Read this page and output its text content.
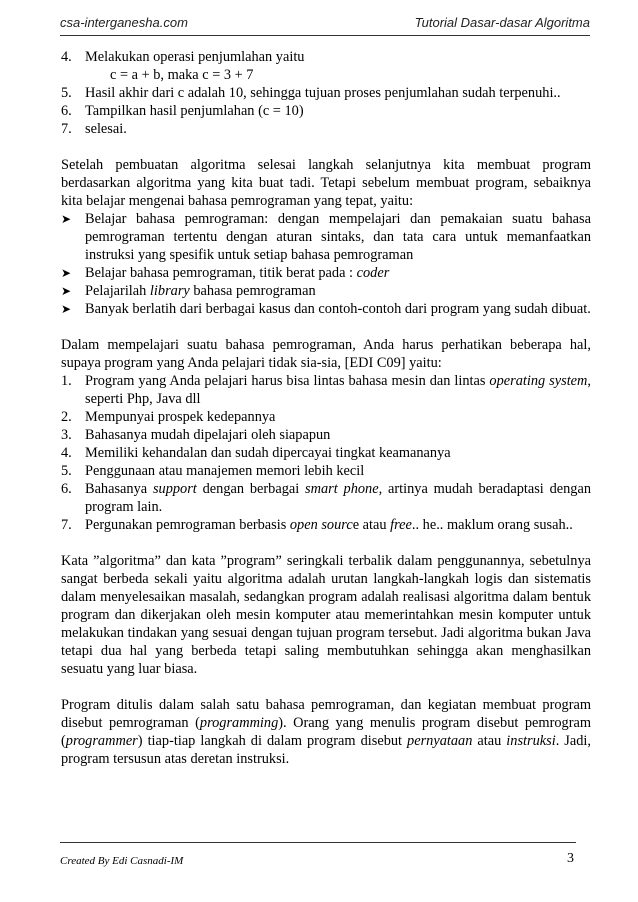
csa-interganesha.com	Tutorial Dasar-dasar Algoritma
4. Melakukan operasi penjumlahan yaitu
c = a + b, maka c = 3 + 7
5. Hasil akhir dari c adalah 10, sehingga tujuan proses penjumlahan sudah terpenuhi..
6. Tampilkan hasil penjumlahan (c = 10)
7. selesai.

Setelah pembuatan algoritma selesai langkah selanjutnya kita membuat program berdasarkan algoritma yang kita buat tadi. Tetapi sebelum membuat program, sebaiknya kita belajar mengenai bahasa pemrograman yang tepat, yaitu:

➤ Belajar bahasa pemrograman: dengan mempelajari dan pemakaian suatu bahasa pemrograman tertentu dengan aturan sintaks, dan tata cara untuk memanfaatkan instruksi yang spesifik untuk setiap bahasa pemrograman
➤ Belajar bahasa pemrograman, titik berat pada : coder
➤ Pelajarilah library bahasa pemrograman
➤ Banyak berlatih dari berbagai kasus dan contoh-contoh dari program yang sudah dibuat.

Dalam mempelajari suatu bahasa pemrograman, Anda harus perhatikan beberapa hal, supaya program yang Anda pelajari tidak sia-sia, [EDI C09] yaitu:

1. Program yang Anda pelajari harus bisa lintas bahasa mesin dan lintas operating system, seperti Php, Java dll
2. Mempunyai prospek kedepannya
3. Bahasanya mudah dipelajari oleh siapapun
4. Memiliki kehandalan dan sudah dipercayai tingkat keamananya
5. Penggunaan atau manajemen memori lebih kecil
6. Bahasanya support dengan berbagai smart phone, artinya mudah beradaptasi dengan program lain.
7. Pergunakan pemrograman berbasis open source atau free.. he.. maklum orang susah..

Kata ”algoritma” dan kata ”program” seringkali terbalik dalam penggunannya, sebetulnya sangat berbeda sekali yaitu algoritma adalah urutan langkah-langkah logis dan sistematis dalam menyelesaikan masalah, sedangkan program adalah realisasi algoritma dalam bentuk program dan dikerjakan oleh mesin komputer atau memerintahkan mesin komputer untuk melakukan tindakan yang sesuai dengan tujuan program tersebut. Jadi algoritma bukan Java tetapi dua hal yang berbeda tetapi saling membutuhkan sehingga akan menghasilkan sesuatu yang luar biasa.

Program ditulis dalam salah satu bahasa pemrograman, dan kegiatan membuat program disebut pemrograman (programming). Orang yang menulis program disebut pemrogram (programmer) tiap-tiap langkah di dalam program disebut pernyataan atau instruksi. Jadi, program tersusun atas deretan instruksi.

Created By Edi Casnadi-IM	3
